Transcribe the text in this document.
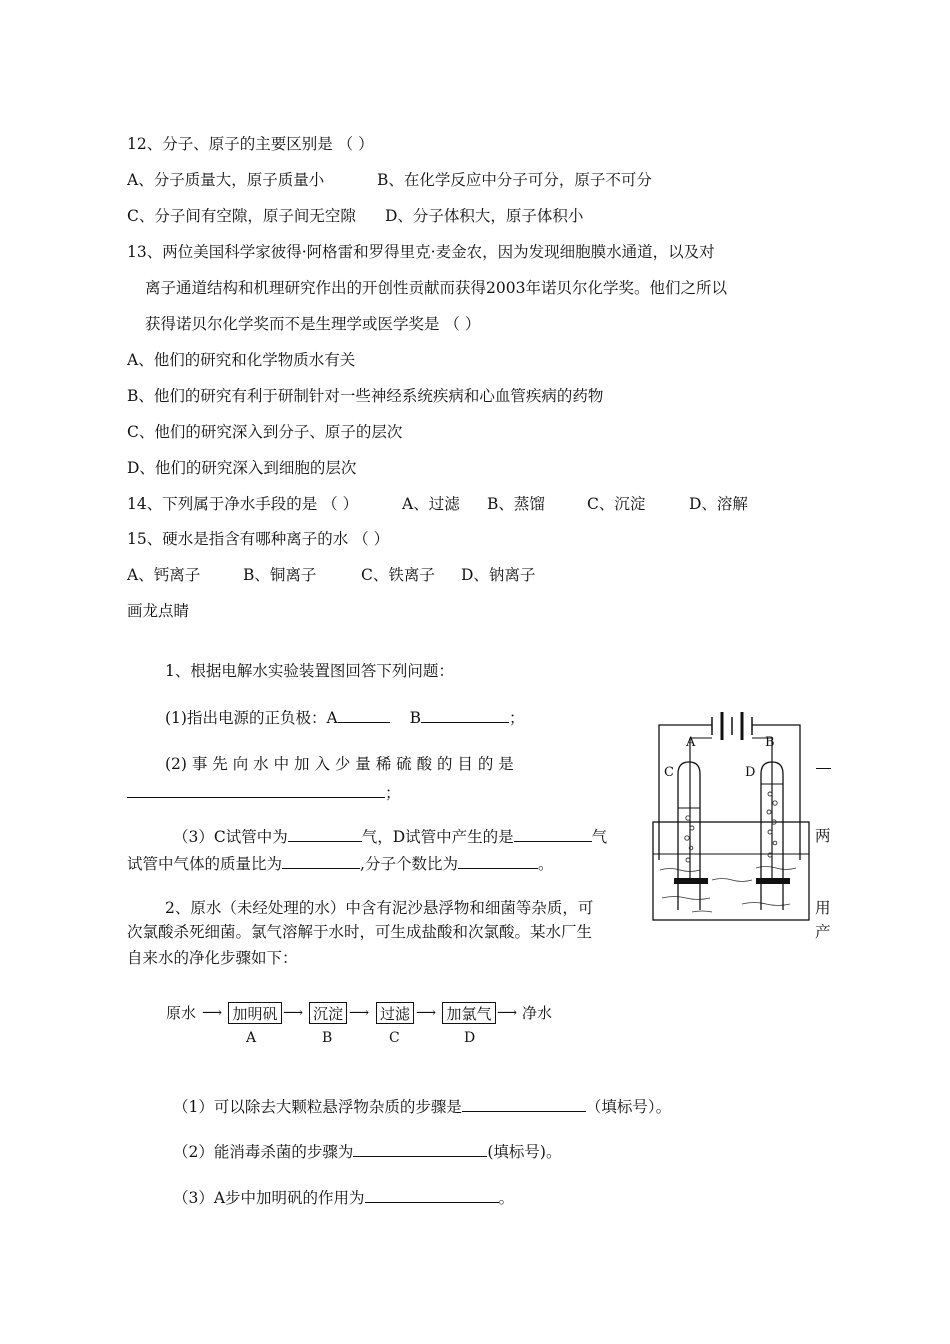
12、分子、原子的主要区别是 （ ）
A、分子质量大，原子质量小	B、在化学反应中分子可分，原子不可分
C、分子间有空隙，原子间无空隙 D、分子体积大，原子体积小
13、两位美国科学家彼得·阿格雷和罗得里克·麦金农，因为发现细胞膜水通道，以及对
离子通道结构和机理研究作出的开创性贡献而获得2003年诺贝尔化学奖。他们之所以
获得诺贝尔化学奖而不是生理学或医学奖是 （ ）
A、他们的研究和化学物质水有关
B、他们的研究有利于研制针对一些神经系统疾病和心血管疾病的药物
C、他们的研究深入到分子、原子的层次
D、他们的研究深入到细胞的层次
14、下列属于净水手段的是 （ ）	A、过滤 B、蒸馏	C、沉淀	D、溶解
15、硬水是指含有哪种离子的水 （ ）
A、钙离子	B、铜离子	C、铁离子 D、钠离子
画龙点睛
1、根据电解水实验装置图回答下列问题：
(1)指出电源的正负极：A	B	；
(2) 事 先 向 水 中 加 入 少 量 稀 硫 酸 的 目 的 是
；
（3）C试管中为	气，D试管中产生的是	气	两
试管中气体的质量比为	,分子个数比为	。
2、原水（未经处理的水）中含有泥沙悬浮物和细菌等杂质，可	用
次氯酸杀死细菌。氯气溶解于水时，可生成盐酸和次氯酸。某水厂生	产
自来水的净化步骤如下：
原水 ⟶ 加明矾 ⟶ 沉淀 ⟶ 过滤 ⟶ 加氯气 ⟶ 净水
A	B	C	D
（1）可以除去大颗粒悬浮物杂质的步骤是	（填标号）。
（2）能消毒杀菌的步骤为	(填标号)。
（3）A步中加明矾的作用为	。
A	B
C	D
